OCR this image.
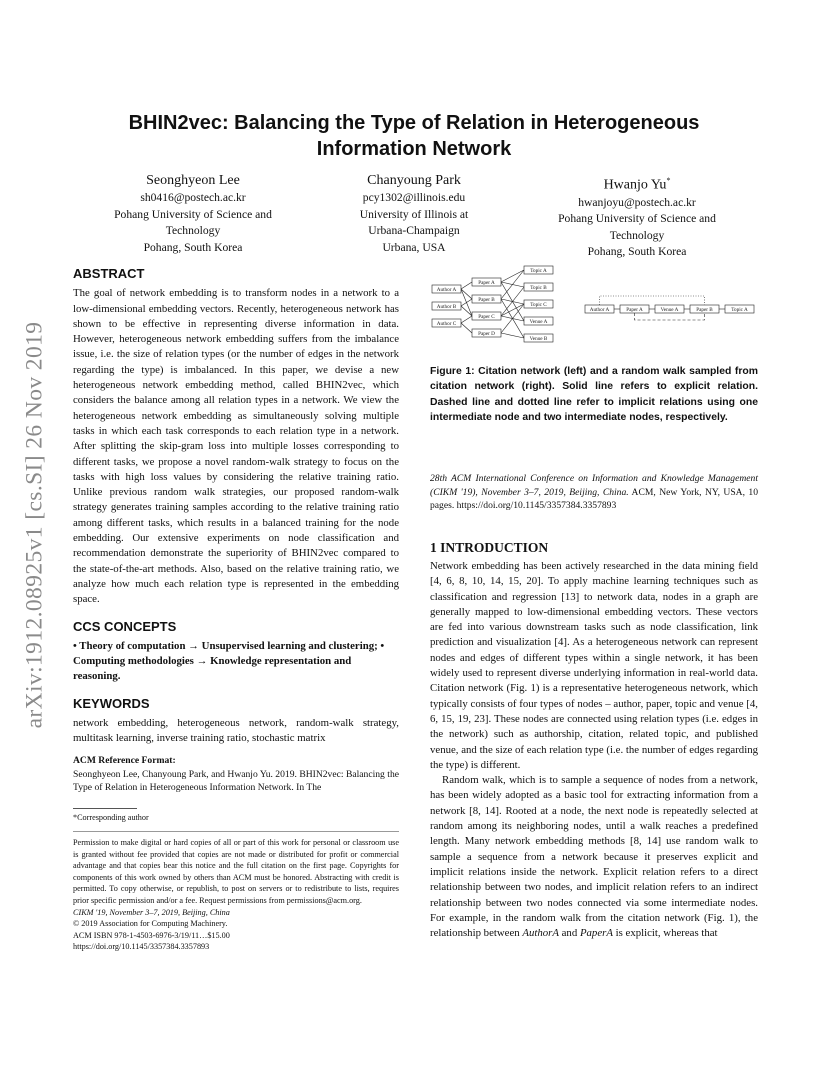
arXiv:1912.08925v1 [cs.SI] 26 Nov 2019
BHIN2vec: Balancing the Type of Relation in Heterogeneous
Information Network
Seonghyeon Lee
sh0416@postech.ac.kr
Pohang University of Science and
Technology
Pohang, South Korea
Chanyoung Park
pcy1302@illinois.edu
University of Illinois at
Urbana-Champaign
Urbana, USA
Hwanjo Yu*
hwanjoyu@postech.ac.kr
Pohang University of Science and
Technology
Pohang, South Korea
ABSTRACT

The goal of network embedding is to transform nodes in a network to a low-dimensional embedding vectors. Recently, heterogeneous network has shown to be effective in representing diverse information in data. However, heterogeneous network embedding suffers from the imbalance issue, i.e. the size of relation types (or the number of edges in the network regarding the type) is imbalanced. In this paper, we devise a new heterogeneous network embedding method, called BHIN2vec, which considers the balance among all relation types in a network. We view the heterogeneous network embedding as simultaneously solving multiple tasks in which each task corresponds to each relation type in a network. After splitting the skip-gram loss into multiple losses corresponding to different tasks, we propose a novel random-walk strategy to focus on the tasks with high loss values by considering the relative training ratio. Unlike previous random walk strategies, our proposed random-walk strategy generates training samples according to the relative training ratio among different tasks, which results in a balanced training for the node embedding. Our extensive experiments on node classification and recommendation demonstrate the superiority of BHIN2vec compared to the state-of-the-art methods. Also, based on the relative training ratio, we analyze how much each relation type is represented in the embedding space.

CCS CONCEPTS

• Theory of computation → Unsupervised learning and clustering; • Computing methodologies → Knowledge representation and reasoning.

KEYWORDS

network embedding, heterogeneous network, random-walk strategy, multitask learning, inverse training ratio, stochastic matrix

ACM Reference Format:

Seonghyeon Lee, Chanyoung Park, and Hwanjo Yu. 2019. BHIN2vec: Balancing the Type of Relation in Heterogeneous Information Network. In The

*Corresponding author
Permission to make digital or hard copies of all or part of this work for personal or classroom use is granted without fee provided that copies are not made or distributed for profit or commercial advantage and that copies bear this notice and the full citation on the first page. Copyrights for components of this work owned by others than ACM must be honored. Abstracting with credit is permitted. To copy otherwise, or republish, to post on servers or to redistribute to lists, requires prior specific permission and/or a fee. Request permissions from permissions@acm.org.
CIKM '19, November 3–7, 2019, Beijing, China
© 2019 Association for Computing Machinery.
ACM ISBN 978-1-4503-6976-3/19/11…$15.00
https://doi.org/10.1145/3357384.3357893
Author A
Author B
Author C
Paper A
Paper B
Paper C
Paper D
Topic A
Topic B
Topic C
Venue A
Venue B
Author A	Paper A	Venue A	Paper B	Topic A
Figure 1: Citation network (left) and a random walk sampled from citation network (right). Solid line refers to explicit relation. Dashed line and dotted line refer to implicit relations using one intermediate node and two intermediate nodes, respectively.
28th ACM International Conference on Information and Knowledge Management (CIKM '19), November 3–7, 2019, Beijing, China. ACM, New York, NY, USA, 10 pages. https://doi.org/10.1145/3357384.3357893
1 INTRODUCTION

Network embedding has been actively researched in the data mining field [4, 6, 8, 10, 14, 15, 20]. To apply machine learning techniques such as classification and regression [13] to network data, nodes in a graph are generally mapped to low-dimensional embedding vectors. These vectors are fed into various downstream tasks such as node classification, link prediction and visualization [4]. As a heterogeneous network can represent nodes and edges of different types within a single network, it has been widely used to represent diverse underlying information in real-world data. Citation network (Fig. 1) is a representative heterogeneous network, which typically consists of four types of nodes – author, paper, topic and venue [4, 6, 15, 19, 23]. These nodes are connected using relation types (i.e. edges in the network) such as authorship, citation, related topic, and published venue, and the size of each relation type (i.e. the number of edges regarding the type) is different.

Random walk, which is to sample a sequence of nodes from a network, has been widely adopted as a basic tool for extracting information from a network [8, 14]. Rooted at a node, the next node is repeatedly selected at random among its neighboring nodes, until a walk reaches a predefined length. Many network embedding methods [8, 14] use random walk to sample a sequence from a network because it preserves explicit and implicit relations inside the network. Explicit relation refers to a direct relationship between two nodes, and implicit relation refers to an indirect relationship between two nodes connected via some intermediate nodes. For example, in the random walk from the citation network (Fig. 1), the relationship between AuthorA and PaperA is explicit, whereas that
